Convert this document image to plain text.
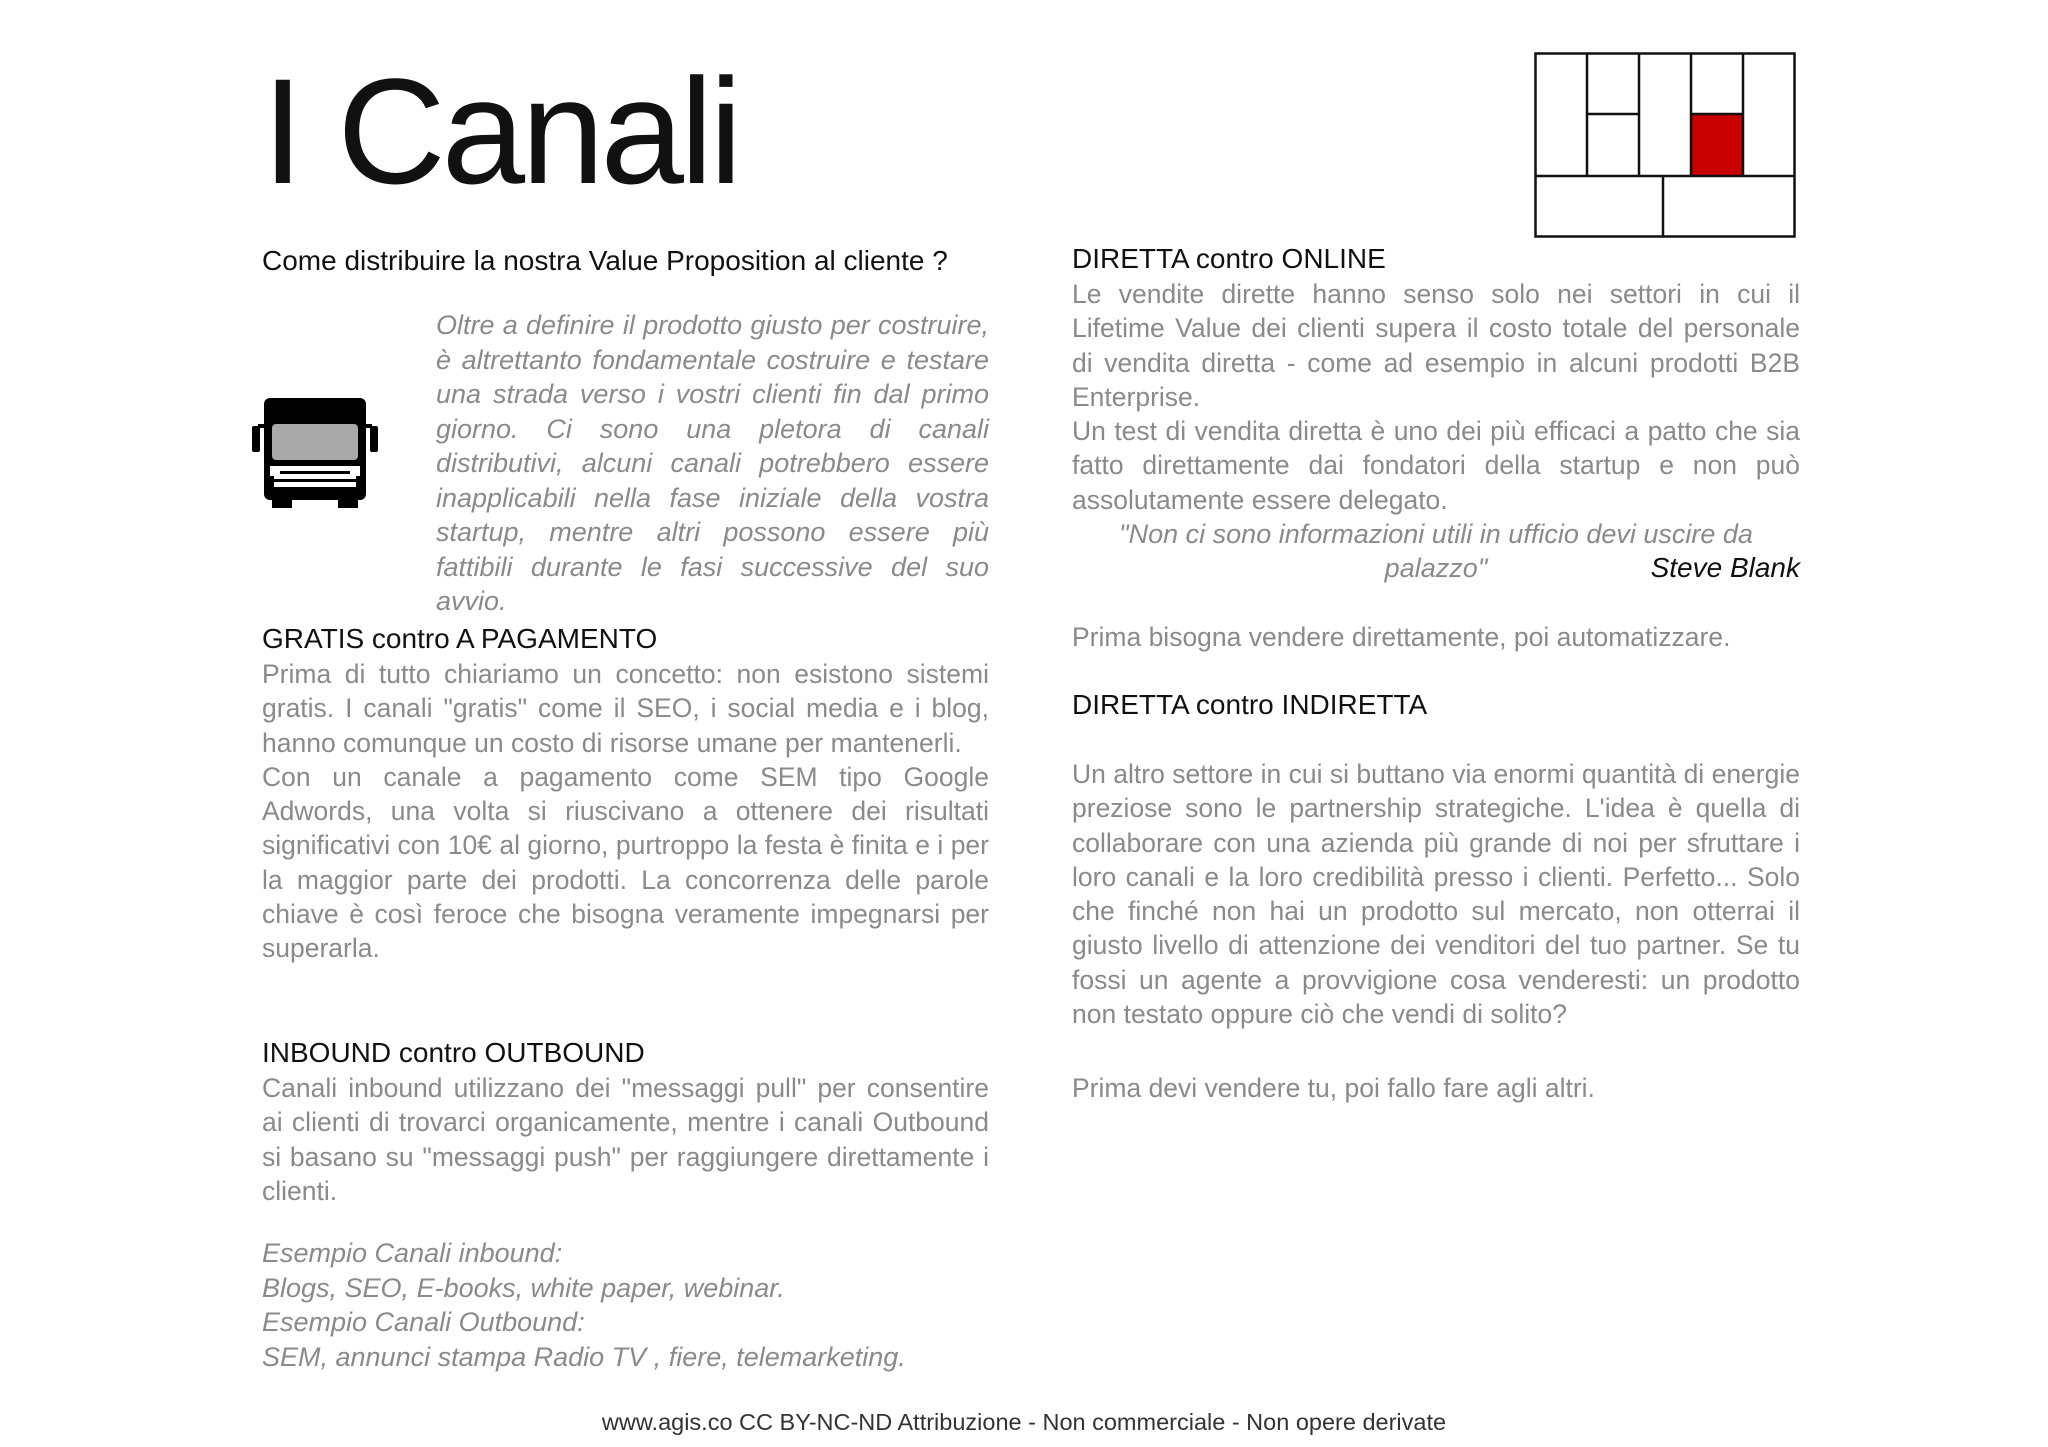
I Canali
Come distribuire la nostra Value Proposition al cliente ?
Oltre a definire il prodotto giusto per costruire, è altrettanto fondamentale costruire e testare una strada verso i vostri clienti fin dal primo giorno. Ci sono una pletora di canali distributivi, alcuni canali potrebbero essere inapplicabili nella fase iniziale della vostra startup, mentre altri possono essere più fattibili durante le fasi successive del suo avvio.
GRATIS contro A PAGAMENTO

Prima di tutto chiariamo un concetto: non esistono sistemi gratis. I canali "gratis" come il SEO, i social media e i blog, hanno comunque un costo di risorse umane per mantenerli.

Con un canale a pagamento come SEM tipo Google Adwords, una volta si riuscivano a ottenere dei risultati significativi con 10€ al giorno, purtroppo la festa è finita e i per la maggior parte dei prodotti. La concorrenza delle parole chiave è così feroce che bisogna veramente impegnarsi per superarla.

INBOUND contro OUTBOUND

Canali inbound utilizzano dei "messaggi pull" per consentire ai clienti di trovarci organicamente, mentre i canali Outbound si basano su "messaggi push" per raggiungere direttamente i clienti.

Esempio Canali inbound:
Blogs, SEO, E-books, white paper, webinar.
Esempio Canali Outbound:
SEM, annunci stampa Radio TV , fiere, telemarketing.
DIRETTA contro ONLINE

Le vendite dirette hanno senso solo nei settori in cui il Lifetime Value dei clienti supera il costo totale del personale di vendita diretta - come ad esempio in alcuni prodotti B2B Enterprise.

Un test di vendita diretta è uno dei più efficaci a patto che sia fatto direttamente dai fondatori della startup e non può assolutamente essere delegato.

"Non ci sono informazioni utili in ufficio devi uscire da palazzo"	Steve Blank
Prima bisogna vendere direttamente, poi automatizzare.
DIRETTA contro INDIRETTA

Un altro settore in cui si buttano via enormi quantità di energie preziose sono le partnership strategiche. L'idea è quella di collaborare con una azienda più grande di noi per sfruttare i loro canali e la loro credibilità presso i clienti. Perfetto... Solo che finché non hai un prodotto sul mercato, non otterrai il giusto livello di attenzione dei venditori del tuo partner. Se tu fossi un agente a provvigione cosa venderesti: un prodotto non testato oppure ciò che vendi di solito?

Prima devi vendere tu, poi fallo fare agli altri.
www.agis.co CC BY-NC-ND Attribuzione - Non commerciale - Non opere derivate
